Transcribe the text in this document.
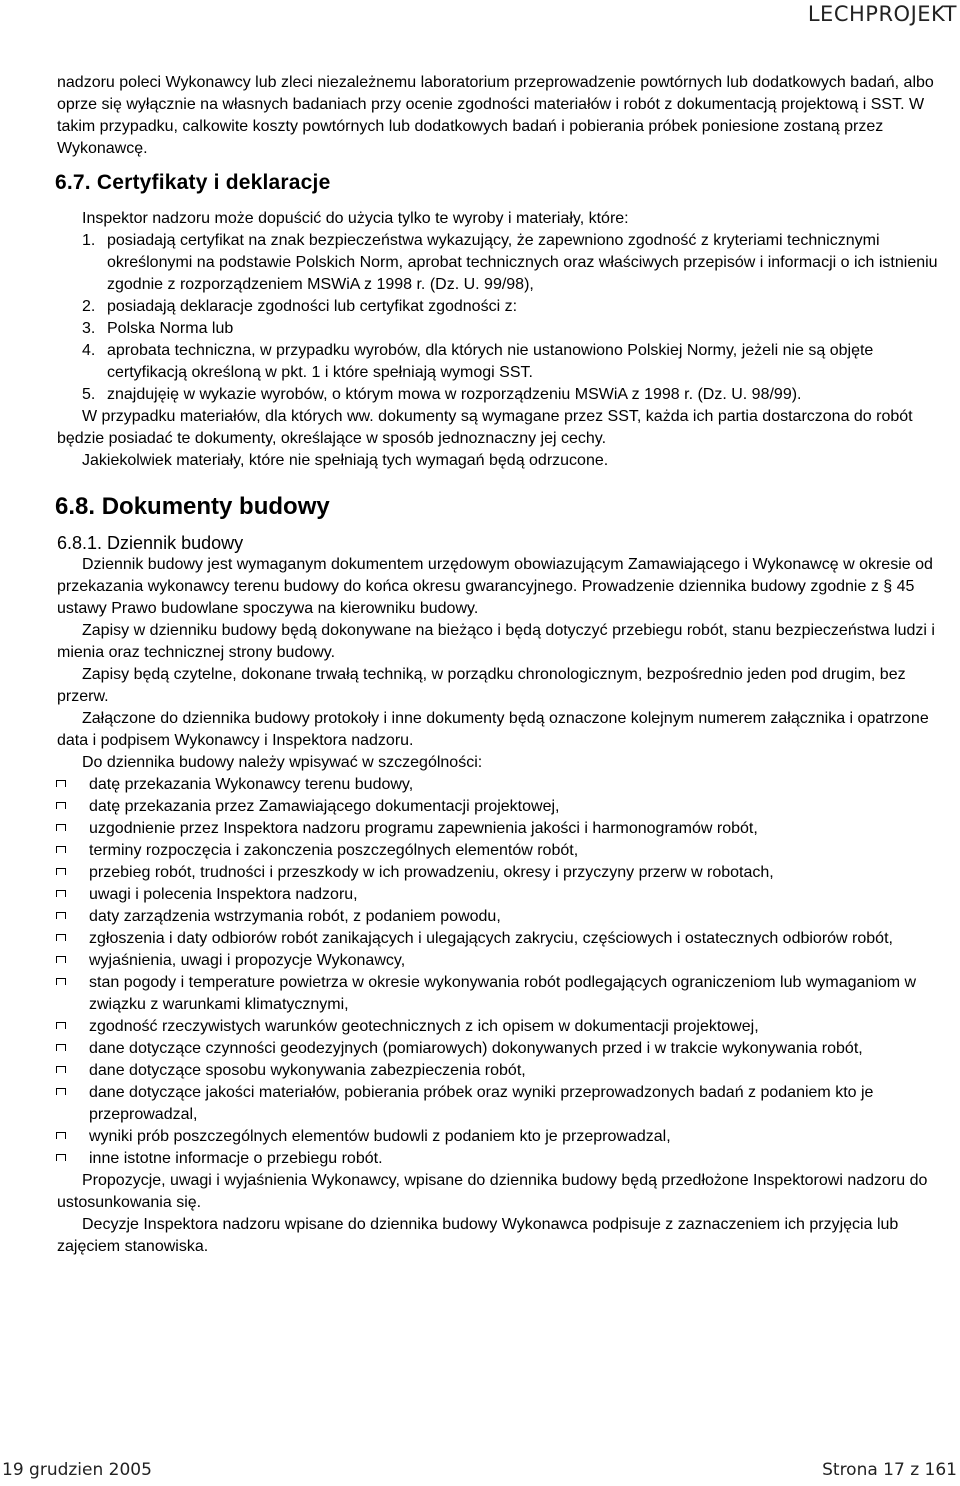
LECHPROJEKT

nadzoru poleci Wykonawcy lub zleci niezależnemu laboratorium przeprowadzenie powtórnych lub dodatkowych badań, albo oprze się wyłącznie na własnych badaniach przy ocenie zgodności materiałów i robót z dokumentacją projektową i SST. W takim przypadku, calkowite koszty powtórnych lub dodatkowych badań i pobierania próbek poniesione zostaną przez Wykonawcę.

6.7. Certyfikaty i deklaracje

Inspektor nadzoru może dopuścić do użycia tylko te wyroby i materiały, które:

1. posiadają certyfikat na znak bezpieczeństwa wykazujący, że zapewniono zgodność z kryteriami technicznymi określonymi na podstawie Polskich Norm, aprobat technicznych oraz właściwych przepisów i informacji o ich istnieniu zgodnie z rozporządzeniem MSWiA z 1998 r. (Dz. U. 99/98),
2. posiadają deklaracje zgodności lub certyfikat zgodności z:
3. Polska Norma lub
4. aprobata techniczna, w przypadku wyrobów, dla których nie ustanowiono Polskiej Normy, jeżeli nie są objęte certyfikacją określoną w pkt. 1 i które spełniają wymogi SST.
5. znajdujęię w wykazie wyrobów, o którym mowa w rozporządzeniu MSWiA z 1998 r. (Dz. U. 98/99).

W przypadku materiałów, dla których ww. dokumenty są wymagane przez SST, każda ich partia dostarczona do robót będzie posiadać te dokumenty, określające w sposób jednoznaczny jej cechy.

Jakiekolwiek materiały, które nie spełniają tych wymagań będą odrzucone.

6.8. Dokumenty budowy
6.8.1. Dziennik budowy

Dziennik budowy jest wymaganym dokumentem urzędowym obowiazującym Zamawiającego i Wykonawcę w okresie od przekazania wykonawcy terenu budowy do końca okresu gwarancyjnego. Prowadzenie dziennika budowy zgodnie z § 45 ustawy Prawo budowlane spoczywa na kierowniku budowy.

Zapisy w dzienniku budowy będą dokonywane na bieżąco i będą dotyczyć przebiegu robót, stanu bezpieczeństwa ludzi i mienia oraz technicznej strony budowy.

Zapisy będą czytelne, dokonane trwałą techniką, w porządku chronologicznym, bezpośrednio jeden pod drugim, bez przerw.

Załączone do dziennika budowy protokoły i inne dokumenty będą oznaczone kolejnym numerem załącznika i opatrzone data i podpisem Wykonawcy i Inspektora nadzoru.

Do dziennika budowy należy wpisywać w szczególności:

datę przekazania Wykonawcy terenu budowy,
datę przekazania przez Zamawiającego dokumentacji projektowej,
uzgodnienie przez Inspektora nadzoru programu zapewnienia jakości i harmonogramów robót,
terminy rozpoczęcia i zakonczenia poszczególnych elementów robót,
przebieg robót, trudności i przeszkody w ich prowadzeniu, okresy i przyczyny przerw w robotach,
uwagi i polecenia Inspektora nadzoru,
daty zarządzenia wstrzymania robót, z podaniem powodu,
zgłoszenia i daty odbiorów robót zanikających i ulegających zakryciu, częściowych i ostatecznych odbiorów robót,
wyjaśnienia, uwagi i propozycje Wykonawcy,
stan pogody i temperature powietrza w okresie wykonywania robót podlegających ograniczeniom lub wymaganiom w związku z warunkami klimatycznymi,
zgodność rzeczywistych warunków geotechnicznych z ich opisem w dokumentacji projektowej,
dane dotyczące czynności geodezyjnych (pomiarowych) dokonywanych przed i w trakcie wykonywania robót,
dane dotyczące sposobu wykonywania zabezpieczenia robót,
dane dotyczące jakości materiałów, pobierania próbek oraz wyniki przeprowadzonych badań z podaniem kto je przeprowadzal,
wyniki prób poszczególnych elementów budowli z podaniem kto je przeprowadzal,
inne istotne informacje o przebiegu robót.

Propozycje, uwagi i wyjaśnienia Wykonawcy, wpisane do dziennika budowy będą przedłożone Inspektorowi nadzoru do ustosunkowania się.

Decyzje Inspektora nadzoru wpisane do dziennika budowy Wykonawca podpisuje z zaznaczeniem ich przyjęcia lub zajęciem stanowiska.

19 grudzien 2005	Strona 17 z 161
